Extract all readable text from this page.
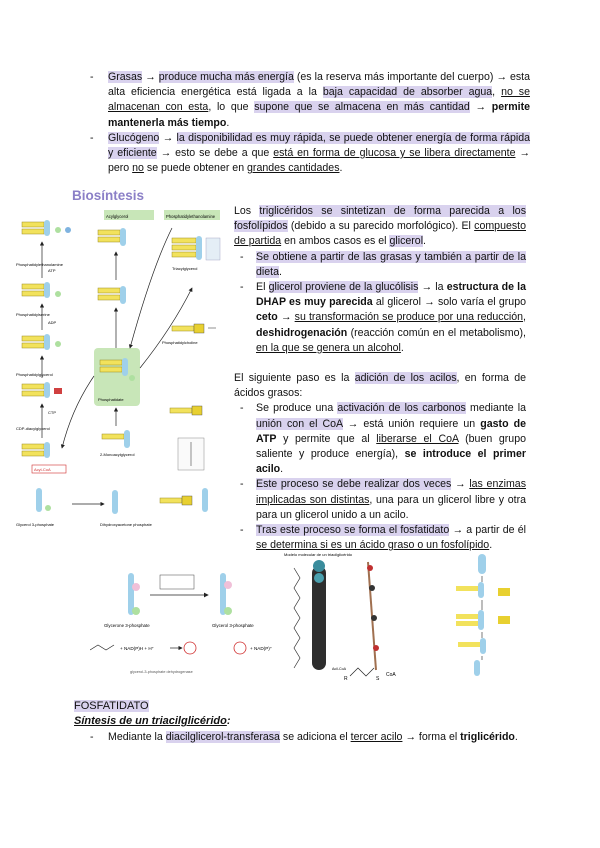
- Grasas → produce mucha más energía (es la reserva más importante del cuerpo) → esta alta eficiencia energética está ligada a la baja capacidad de absorber agua, no se almacenan con esta, lo que supone que se almacena en más cantidad → permite mantenerla más tiempo.
- Glucógeno → la disponibilidad es muy rápida, se puede obtener energía de forma rápida y eficiente → esto se debe a que está en forma de glucosa y se libera directamente → pero no se puede obtener en grandes cantidades.
Biosíntesis
Acylglycerol	Phosphatidylethanolamine
Phosphatidylethanolamine
Phosphatidylserine
Phosphatidylglycerol
CDP-diacylglycerol
Acyl-CoA
Glycerol 3-phosphate
ATP
ADP
CTP
Phosphatidate
2-Monoacylglycerol
Dihydroxyacetone phosphate
Triacylglycerol
Phosphatidylcholine

Los triglicéridos se sintetizan de forma parecida a los fosfolípidos (debido a su parecido morfológico). El compuesto de partida en ambos casos es el glicerol.

- Se obtiene a partir de las grasas y también a partir de la dieta.

- El glicerol proviene de la glucólisis → la estructura de la DHAP es muy parecida al glicerol → solo varía el grupo ceto → su transformación se produce por una reducción, deshidrogenación (reacción común en el metabolismo), en la que se genera un alcohol.

El siguiente paso es la adición de los acilos, en forma de ácidos grasos:

- Se produce una activación de los carbonos mediante la unión con el CoA → está unión requiere un gasto de ATP y permite que al liberarse el CoA (buen grupo saliente y produce energía), se introduce el primer acilo.

- Este proceso se debe realizar dos veces → las enzimas implicadas son distintas, una para un glicerol libre y otra para un glicerol unido a un acilo.

- Tras este proceso se forma el fosfatidato → a partir de él se determina si es un ácido graso o un fosfolípido.

Glycerone 3-phosphate	Glycerol 3-phosphate
+ NAD(P)H + H⁺	+ NAD(P)⁺
glycerol-3-phosphate dehydrogenase
Modelo molecular de un triacilglicérido
Acil-CoA
R	S
CoA
FOSFATIDATO
Síntesis de un triacilglicérido:
- Mediante la diacilglicerol-transferasa se adiciona el tercer acilo → forma el triglicérido.
